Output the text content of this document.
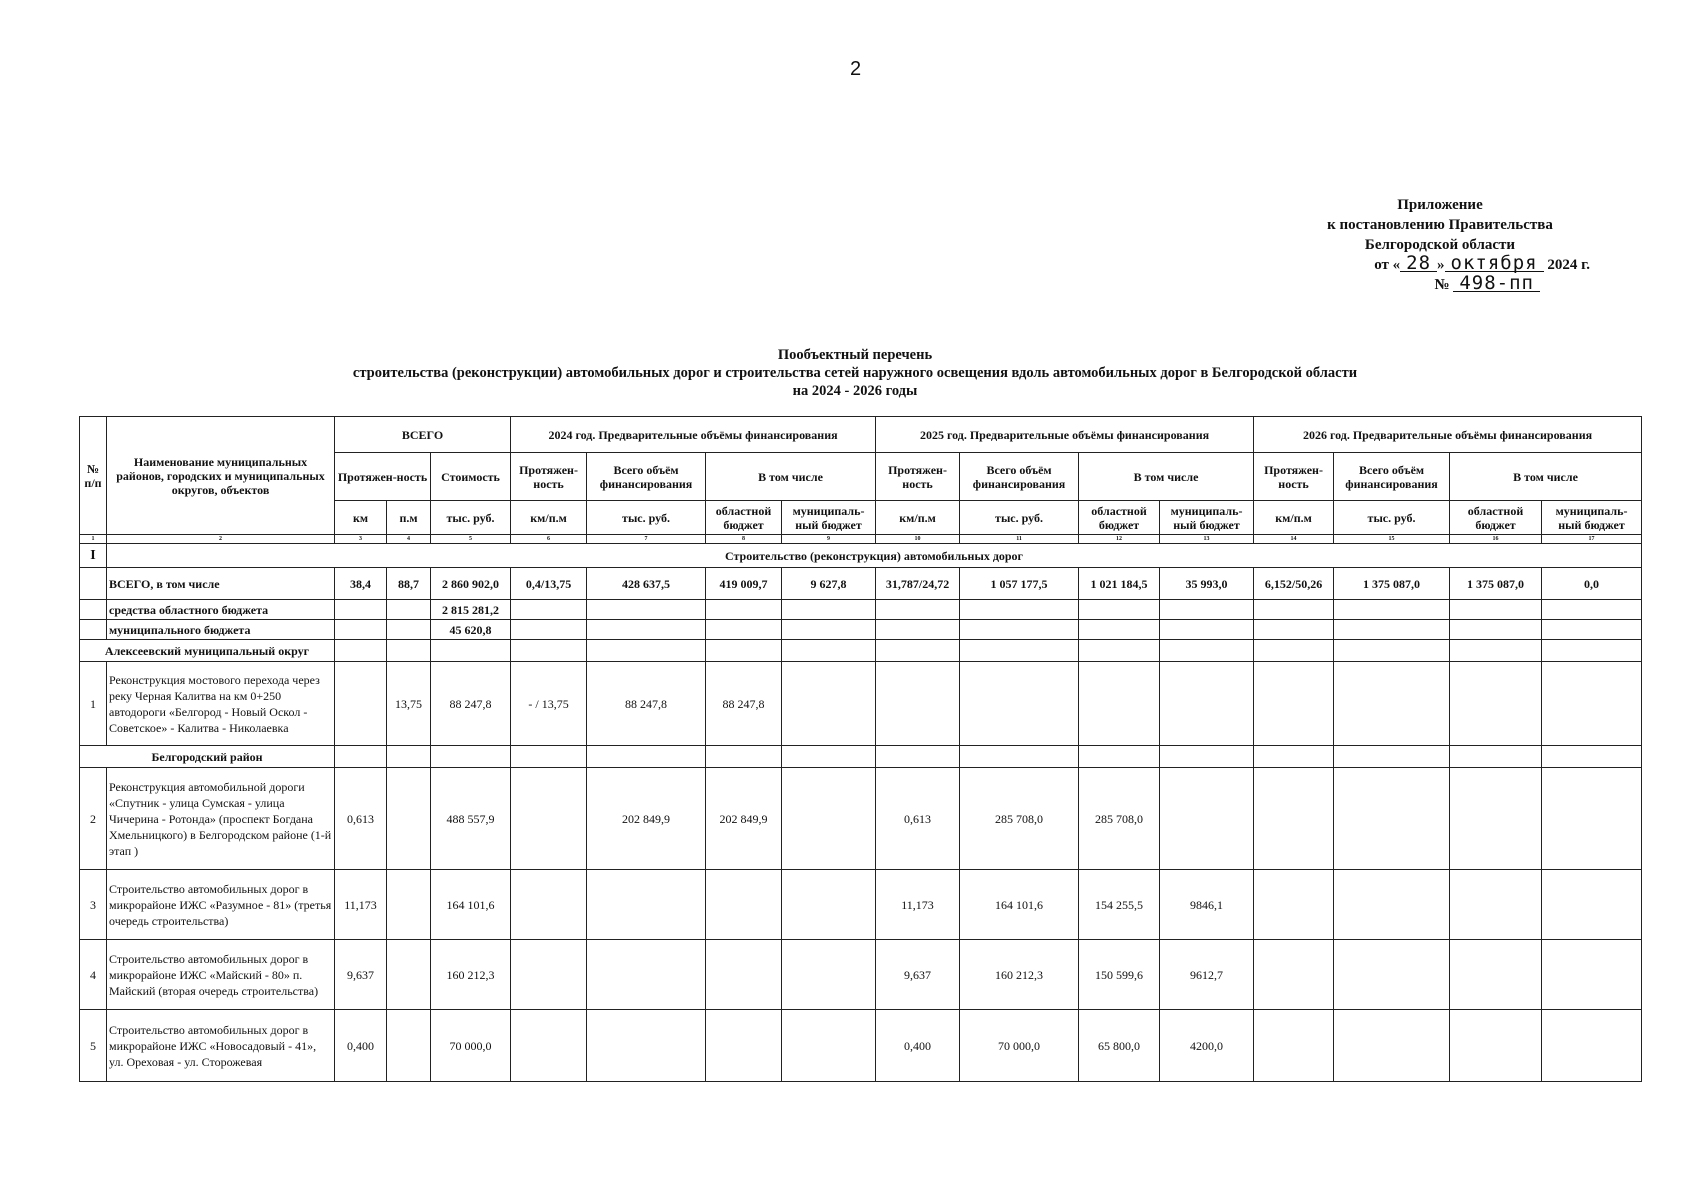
2
Приложение
к постановлению Правительства
Белгородской области
от « 28 » октября 2024 г.
№ 498-пп
Пообъектный перечень
строительства (реконструкции) автомобильных дорог и строительства сетей наружного освещения вдоль автомобильных дорог в Белгородской области
на 2024 - 2026 годы
№ п/п	Наименование муниципальных районов, городских и муниципальных округов, объектов	ВСЕГО			2024 год. Предварительные объёмы финансирования				2025 год. Предварительные объёмы финансирования				2026 год. Предварительные объёмы финансирования			
		Протяжен-ность		Стоимость	Протяжен-ность	Всего объём финансирования	В том числе		Протяжен-ность	Всего объём финансирования	В том числе		Протяжен-ность	Всего объём финансирования	В том числе	
		км	п.м	тыс. руб.	км/п.м	тыс. руб.	областной бюджет	муниципаль-ный бюджет	км/п.м	тыс. руб.	областной бюджет	муниципаль-ный бюджет	км/п.м	тыс. руб.	областной бюджет	муниципаль-ный бюджет
1	2	3	4	5	6	7	8	9	10	11	12	13	14	15	16	17
I	Строительство (реконструкция) автомобильных дорог															
	ВСЕГО, в том числе	38,4	88,7	2 860 902,0	0,4/13,75	428 637,5	419 009,7	9 627,8	31,787/24,72	1 057 177,5	1 021 184,5	35 993,0	6,152/50,26	1 375 087,0	1 375 087,0	0,0
	средства областного бюджета			2 815 281,2												
	муниципального бюджета			45 620,8												
Алексеевский муниципальный округ																
1	Реконструкция мостового перехода через реку Черная Калитва на км 0+250 автодороги «Белгород - Новый Оскол - Советское» - Калитва - Николаевка		13,75	88 247,8	- / 13,75	88 247,8	88 247,8									
Белгородский район																
2	Реконструкция автомобильной дороги «Спутник - улица Сумская - улица Чичерина - Ротонда» (проспект Богдана Хмельницкого) в Белгородском районе (1-й этап )	0,613		488 557,9		202 849,9	202 849,9		0,613	285 708,0	285 708,0					
3	Строительство автомобильных дорог в микрорайоне ИЖС «Разумное - 81» (третья очередь строительства)	11,173		164 101,6					11,173	164 101,6	154 255,5	9846,1				
4	Строительство автомобильных дорог в микрорайоне ИЖС «Майский - 80» п. Майский (вторая очередь строительства)	9,637		160 212,3					9,637	160 212,3	150 599,6	9612,7				
5	Строительство автомобильных дорог в микрорайоне ИЖС «Новосадовый - 41», ул. Ореховая - ул. Сторожевая	0,400		70 000,0					0,400	70 000,0	65 800,0	4200,0				
